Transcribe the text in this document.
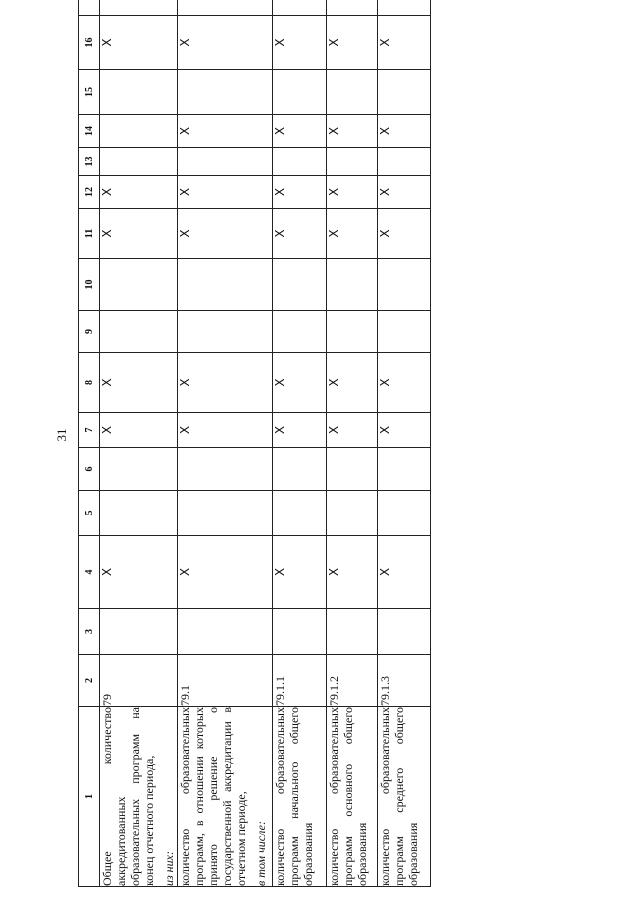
31
1	2	3	4	5	6	7	8	9	10	11	12	13	14	15	16	
Общее количество аккредитованных образовательных программ на конец отчетного периода, из них:	79		X			X	X			X	X				X	
количество образовательных программ, в отношении которых принято решение о государственной аккредитации в отчетном периоде, в том числе:	79.1		X			X	X			X	X		X		X	
количество образовательных программ начального общего образования	79.1.1		X			X	X			X	X		X		X	
количество образовательных программ основного общего образования	79.1.2		X			X	X			X	X		X		X	
количество образовательных программ среднего общего образования	79.1.3		X			X	X			X	X		X		X	
